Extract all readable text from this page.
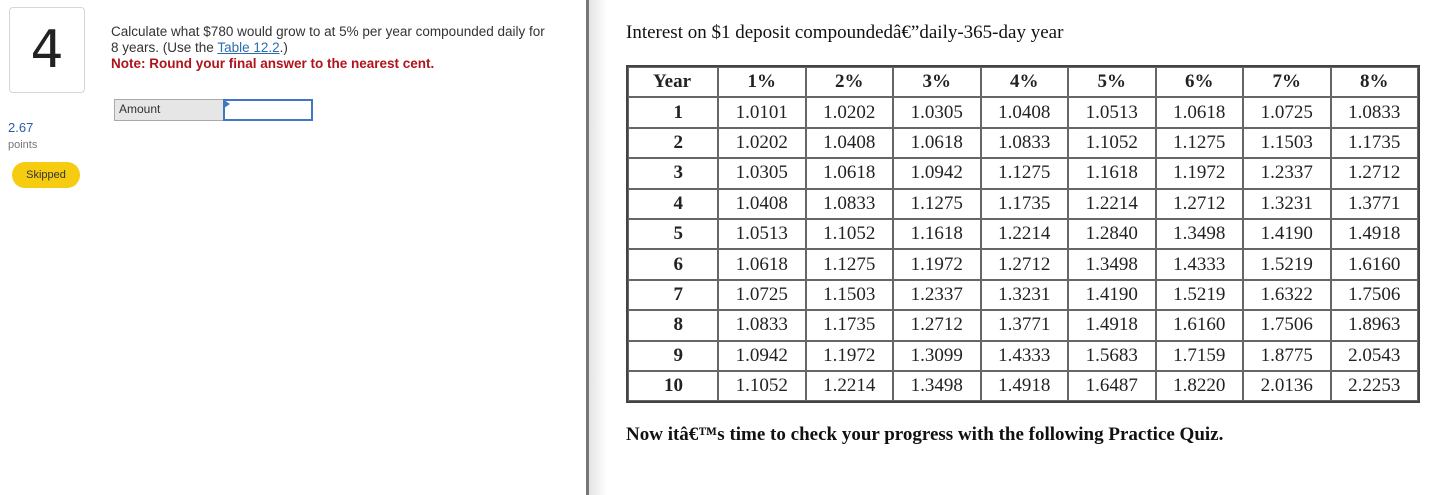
4
2.67
points
Skipped
Calculate what $780 would grow to at 5% per year compounded daily for 8 years. (Use the Table 12.2.)
Note: Round your final answer to the nearest cent.
Amount
Interest on $1 deposit compoundedâ€”daily-365-day year
Year	1%	2%	3%	4%	5%	6%	7%	8%
1	1.0101	1.0202	1.0305	1.0408	1.0513	1.0618	1.0725	1.0833
2	1.0202	1.0408	1.0618	1.0833	1.1052	1.1275	1.1503	1.1735
3	1.0305	1.0618	1.0942	1.1275	1.1618	1.1972	1.2337	1.2712
4	1.0408	1.0833	1.1275	1.1735	1.2214	1.2712	1.3231	1.3771
5	1.0513	1.1052	1.1618	1.2214	1.2840	1.3498	1.4190	1.4918
6	1.0618	1.1275	1.1972	1.2712	1.3498	1.4333	1.5219	1.6160
7	1.0725	1.1503	1.2337	1.3231	1.4190	1.5219	1.6322	1.7506
8	1.0833	1.1735	1.2712	1.3771	1.4918	1.6160	1.7506	1.8963
9	1.0942	1.1972	1.3099	1.4333	1.5683	1.7159	1.8775	2.0543
10	1.1052	1.2214	1.3498	1.4918	1.6487	1.8220	2.0136	2.2253
Now itâ€™s time to check your progress with the following Practice Quiz.
